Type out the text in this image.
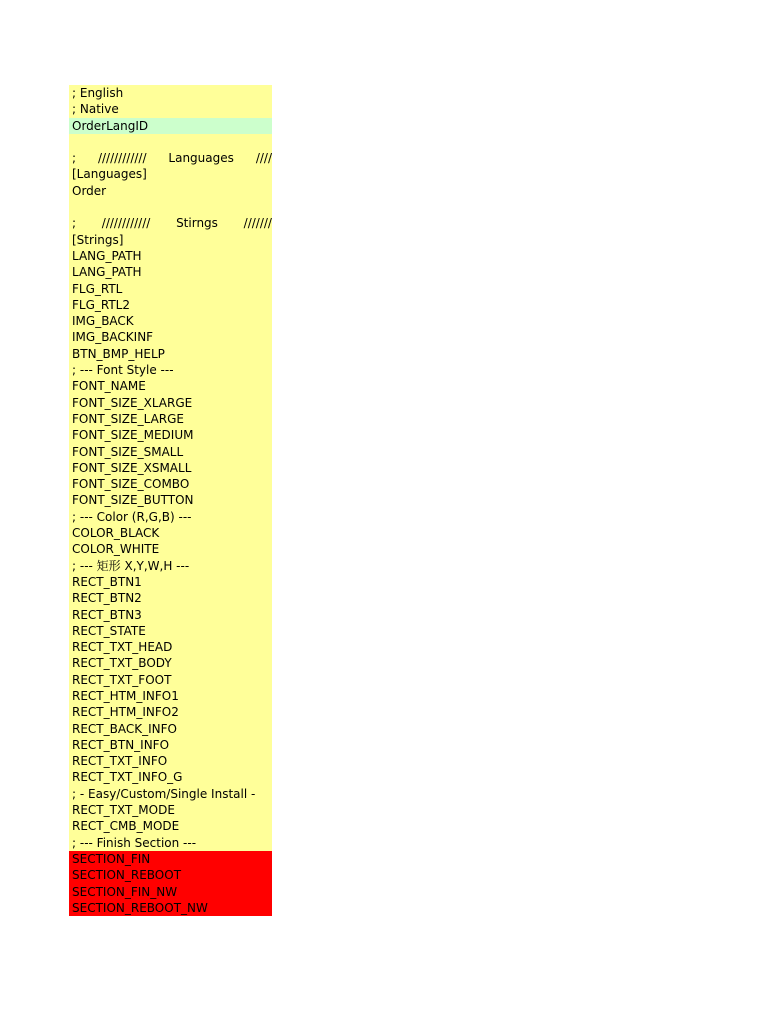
; English
; Native
OrderLangID
; //////////// Languages ////
[Languages]
Order
; //////////// Stirngs ///////
[Strings]
LANG_PATH
LANG_PATH
FLG_RTL
FLG_RTL2
IMG_BACK
IMG_BACKINF
BTN_BMP_HELP
; --- Font Style ---
FONT_NAME
FONT_SIZE_XLARGE
FONT_SIZE_LARGE
FONT_SIZE_MEDIUM
FONT_SIZE_SMALL
FONT_SIZE_XSMALL
FONT_SIZE_COMBO
FONT_SIZE_BUTTON
; --- Color (R,G,B) ---
COLOR_BLACK
COLOR_WHITE
; --- 矩形 X,Y,W,H ---
RECT_BTN1
RECT_BTN2
RECT_BTN3
RECT_STATE
RECT_TXT_HEAD
RECT_TXT_BODY
RECT_TXT_FOOT
RECT_HTM_INFO1
RECT_HTM_INFO2
RECT_BACK_INFO
RECT_BTN_INFO
RECT_TXT_INFO
RECT_TXT_INFO_G
; - Easy/Custom/Single Install -
RECT_TXT_MODE
RECT_CMB_MODE
; --- Finish Section ---
SECTION_FIN
SECTION_REBOOT
SECTION_FIN_NW
SECTION_REBOOT_NW
